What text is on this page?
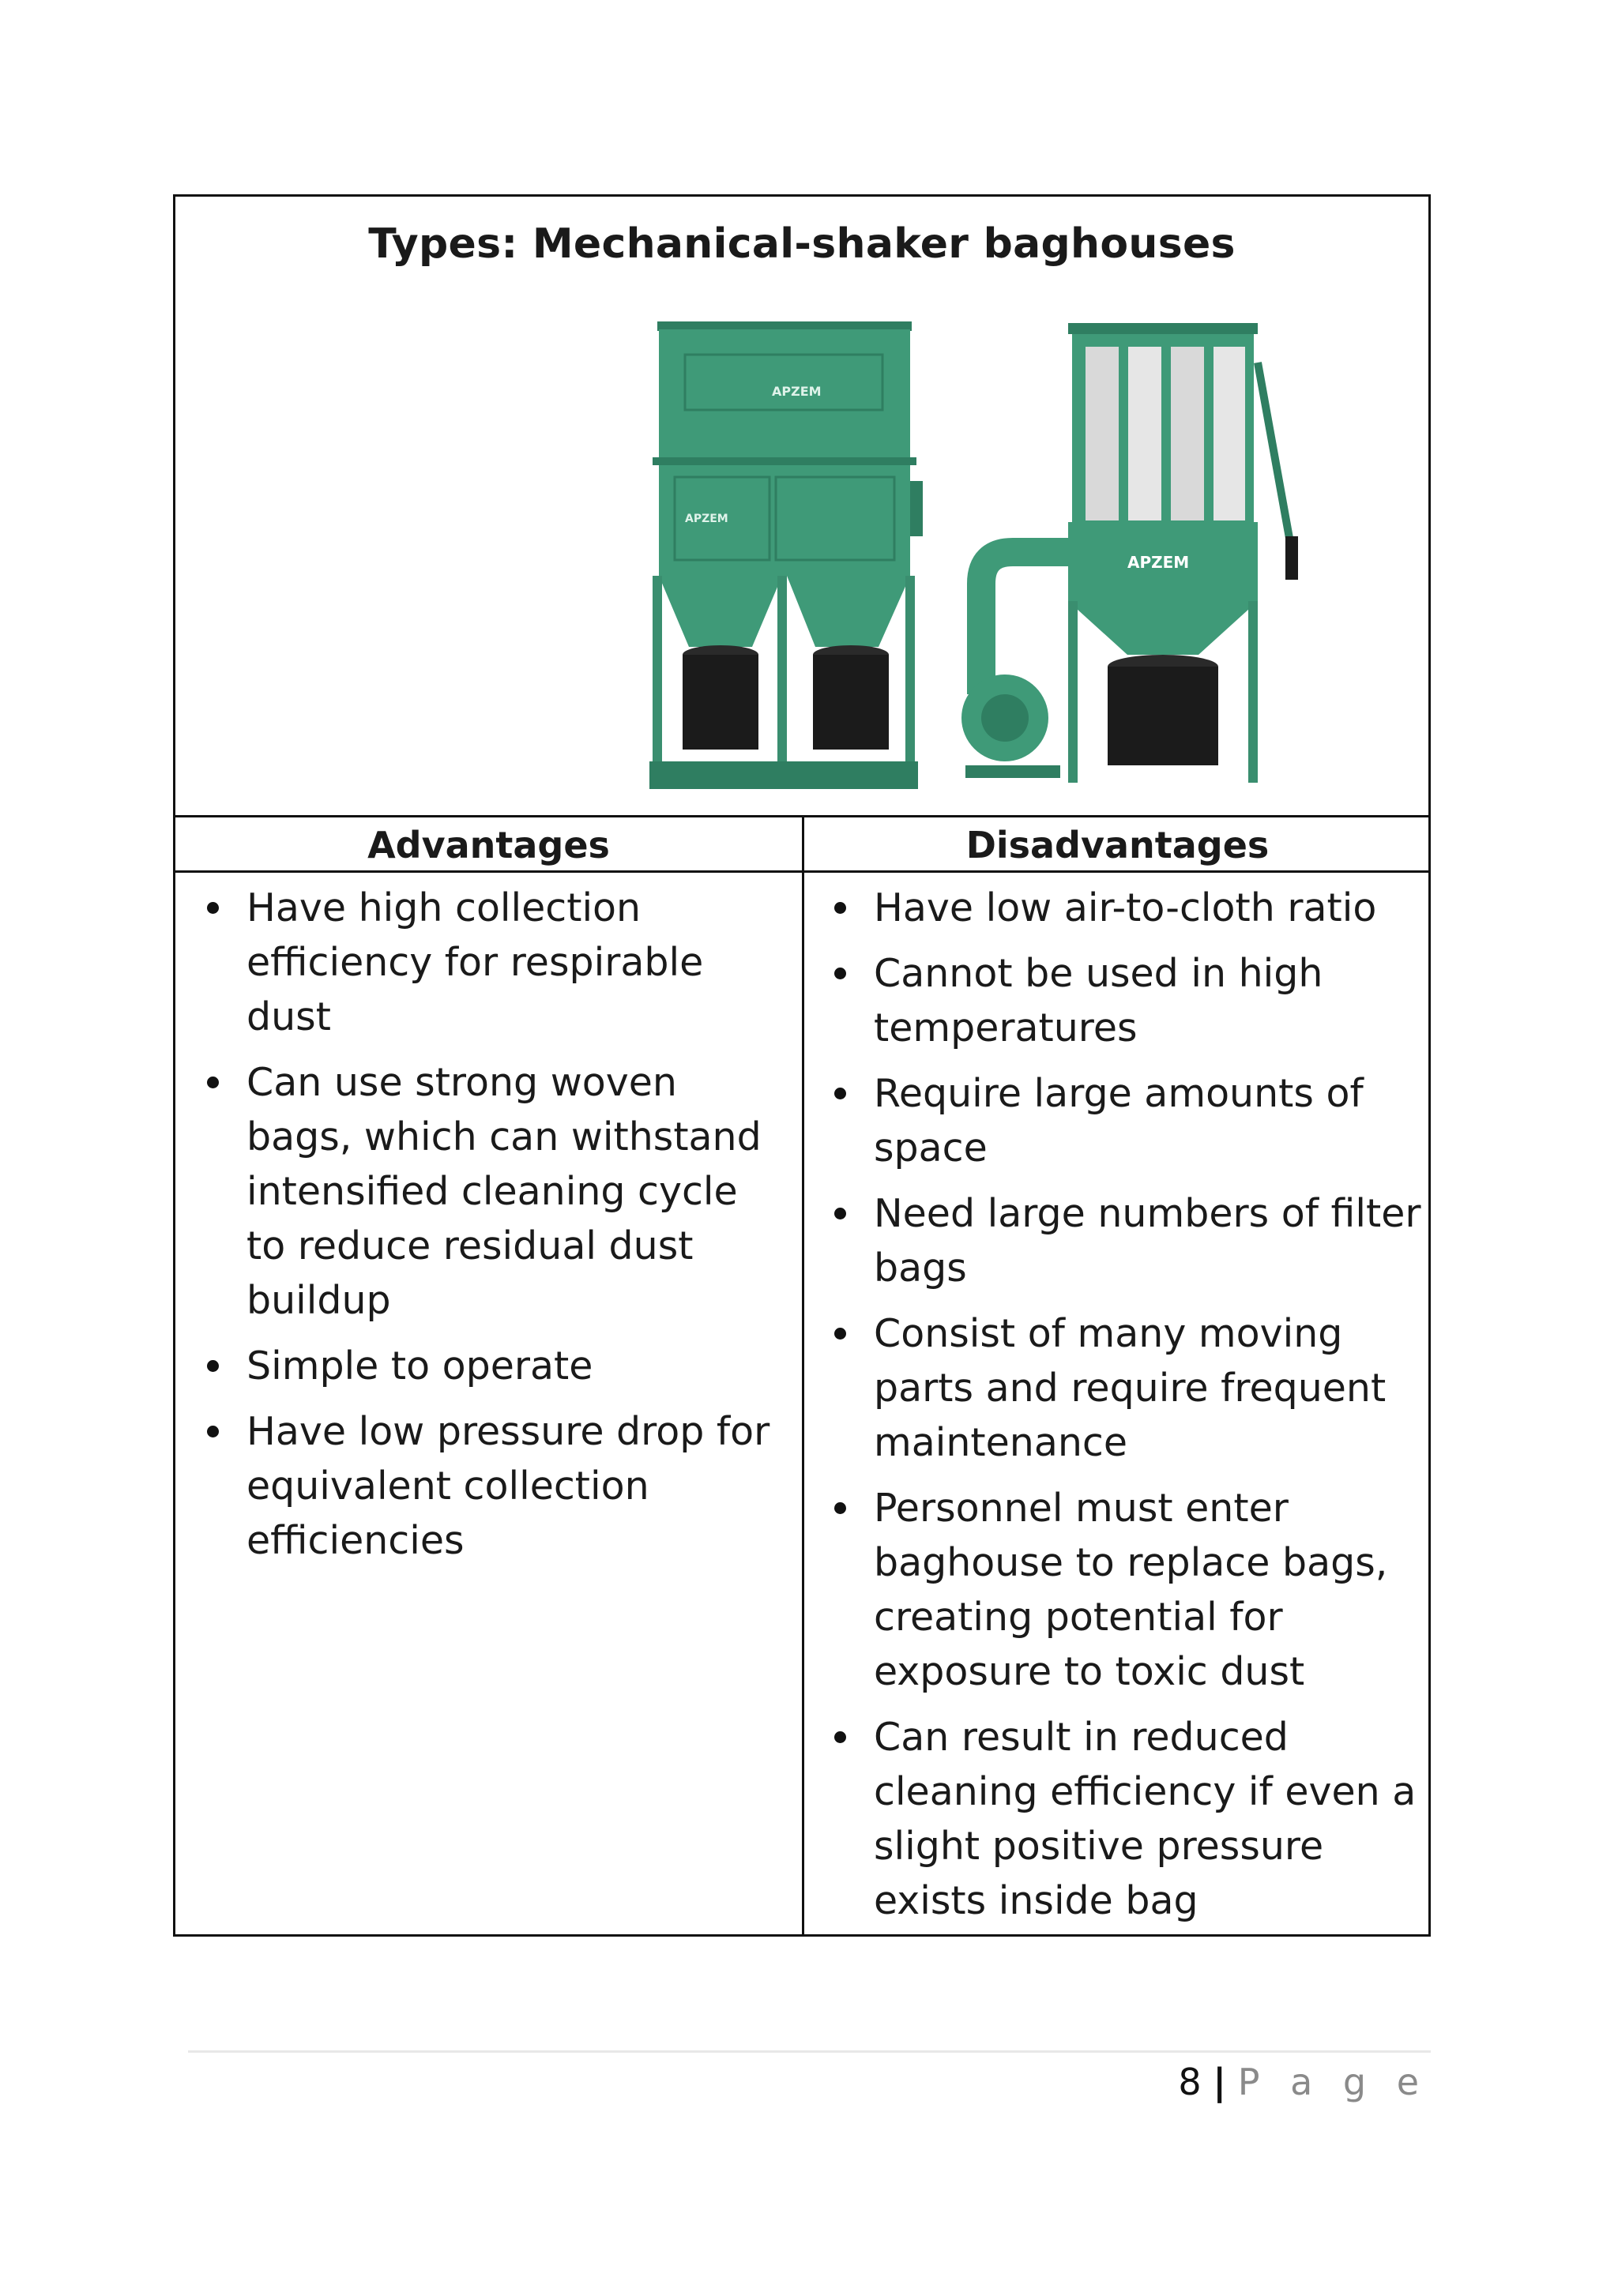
Types: Mechanical-shaker baghouses
APZEM
APZEM
APZEM
Advantages	Disadvantages
Have high collection efficiency for respirable dust
Can use strong woven bags, which can withstand intensified cleaning cycle to reduce residual dust buildup
Simple to operate
Have low pressure drop for equivalent collection efficiencies
Have low air-to-cloth ratio
Cannot be used in high temperatures
Require large amounts of space
Need large numbers of filter bags
Consist of many moving parts and require frequent maintenance
Personnel must enter baghouse to replace bags, creating potential for exposure to toxic dust
Can result in reduced cleaning efficiency if even a slight positive pressure exists inside bag
8 | P a g e
